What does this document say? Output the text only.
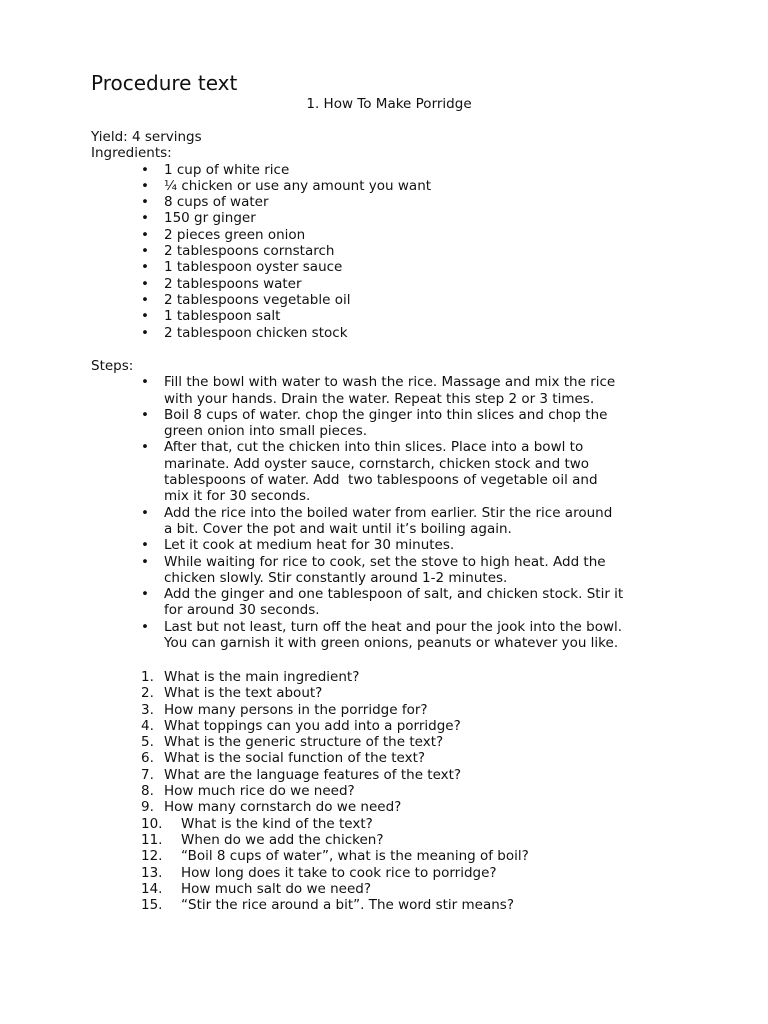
Procedure text

1. How To Make Porridge

Yield: 4 servings
Ingredients:
• 1 cup of white rice
• ¼ chicken or use any amount you want
• 8 cups of water
• 150 gr ginger
• 2 pieces green onion
• 2 tablespoons cornstarch
• 1 tablespoon oyster sauce
• 2 tablespoons water
• 2 tablespoons vegetable oil
• 1 tablespoon salt
• 2 tablespoon chicken stock
Steps:
• Fill the bowl with water to wash the rice. Massage and mix the rice
with your hands. Drain the water. Repeat this step 2 or 3 times.
• Boil 8 cups of water. chop the ginger into thin slices and chop the
green onion into small pieces.
• After that, cut the chicken into thin slices. Place into a bowl to
marinate. Add oyster sauce, cornstarch, chicken stock and two
tablespoons of water. Add  two tablespoons of vegetable oil and
mix it for 30 seconds.
• Add the rice into the boiled water from earlier. Stir the rice around
a bit. Cover the pot and wait until it’s boiling again.
• Let it cook at medium heat for 30 minutes.
• While waiting for rice to cook, set the stove to high heat. Add the
chicken slowly. Stir constantly around 1-2 minutes.
• Add the ginger and one tablespoon of salt, and chicken stock. Stir it
for around 30 seconds.
• Last but not least, turn off the heat and pour the jook into the bowl.
You can garnish it with green onions, peanuts or whatever you like.
1. What is the main ingredient?
2. What is the text about?
3. How many persons in the porridge for?
4. What toppings can you add into a porridge?
5. What is the generic structure of the text?
6. What is the social function of the text?
7. What are the language features of the text?
8. How much rice do we need?
9. How many cornstarch do we need?
10.	What is the kind of the text?
11.	When do we add the chicken?
12.	“Boil 8 cups of water”, what is the meaning of boil?
13.	How long does it take to cook rice to porridge?
14.	How much salt do we need?
15.	“Stir the rice around a bit”. The word stir means?
